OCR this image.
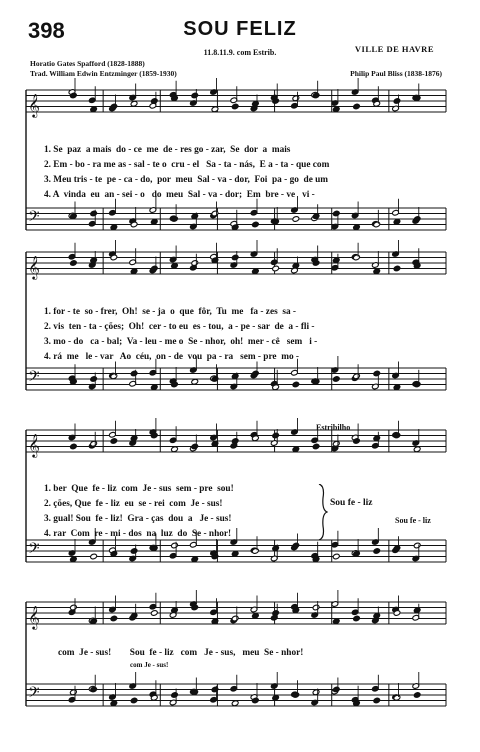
398	SOU FELIZ
11.8.11.9. com Estrib.	VILLE DE HAVRE
Horatio Gates Spafford (1828-1888)
Trad. William Edwin Entzminger (1859-1930)	Philip Paul Bliss (1838-1876)
𝄞
𝄢
𝄞
𝄢
𝄞
𝄢
𝄞
𝄢
1. Se  paz  a mais  do - ce  me  de - res go - zar,  Se  dor  a  mais
2. Em - bo - ra me as - sal - te o  cru - el   Sa - ta - nás,  E a - ta - que com
3. Meu tris - te  pe - ca - do,  por  meu  Sal - va - dor,  Foi  pa - go  de um
4. A  vinda  eu  an - sei - o   do  meu  Sal - va - dor;  Em  bre - ve   vi -
1. for - te  so - frer,  Oh!  se - ja  o  que  fôr,  Tu  me   fa - zes  sa -
2. vis  ten - ta - ções;  Oh!  cer - to eu  es - tou,  a - pe - sar  de  a - fli -
3. mo - do   ca - bal;  Va - leu - me o  Se - nhor,  oh!  mer - cê   sem   i -
4. rá  me   le - var   Ao  céu,  on - de  vou  pa - ra   sem - pre  mo -
Estribilho
1. ber  Que  fe - liz  com  Je - sus  sem - pre  sou!
2. ções, Que  fe - liz  eu  se - rei  com  Je - sus!
3. gual! Sou  fe - liz!  Gra - ças  dou  a   Je - sus!
4. rar  Com  re - mi - dos  na  luz  do  Se - nhor!
Sou fe - liz
Sou fe - liz
com  Je - sus!        Sou  fe - liz   com   Je - sus,   meu  Se - nhor!
com Je - sus!
